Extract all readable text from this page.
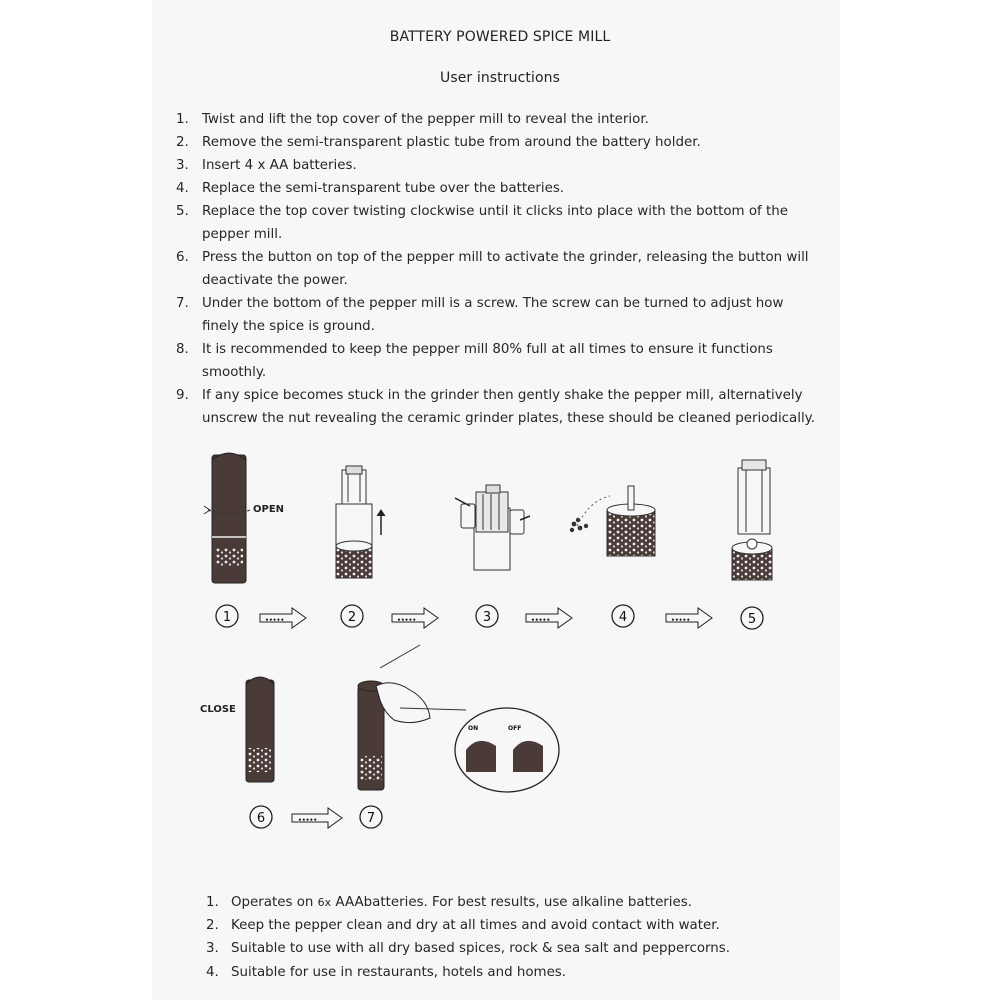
BATTERY POWERED SPICE MILL
User instructions
1. Twist and lift the top cover of the pepper mill to reveal the interior.
2. Remove the semi-transparent plastic tube from around the battery holder.
3. Insert 4 x AA batteries.
4. Replace the semi-transparent tube over the batteries.
5. Replace the top cover twisting clockwise until it clicks into place with the bottom of the
pepper mill.
6. Press the button on top of the pepper mill to activate the grinder, releasing the button will
deactivate the power.
7. Under the bottom of the pepper mill is a screw. The screw can be turned to adjust how
finely the spice is ground.
8. It is recommended to keep the pepper mill 80% full at all times to ensure it functions
smoothly.
9. If any spice becomes stuck in the grinder then gently shake the pepper mill, alternatively
unscrew the nut revealing the ceramic grinder plates, these should be cleaned periodically.
OPEN
1	2	3	4	5
•••••	•••••	•••••	•••••
CLOSE
ON	OFF
6	7
•••••
1. Operates on 6x AAAbatteries. For best results, use alkaline batteries.
2. Keep the pepper clean and dry at all times and avoid contact with water.
3. Suitable to use with all dry based spices, rock & sea salt and peppercorns.
4. Suitable for use in restaurants, hotels and homes.
